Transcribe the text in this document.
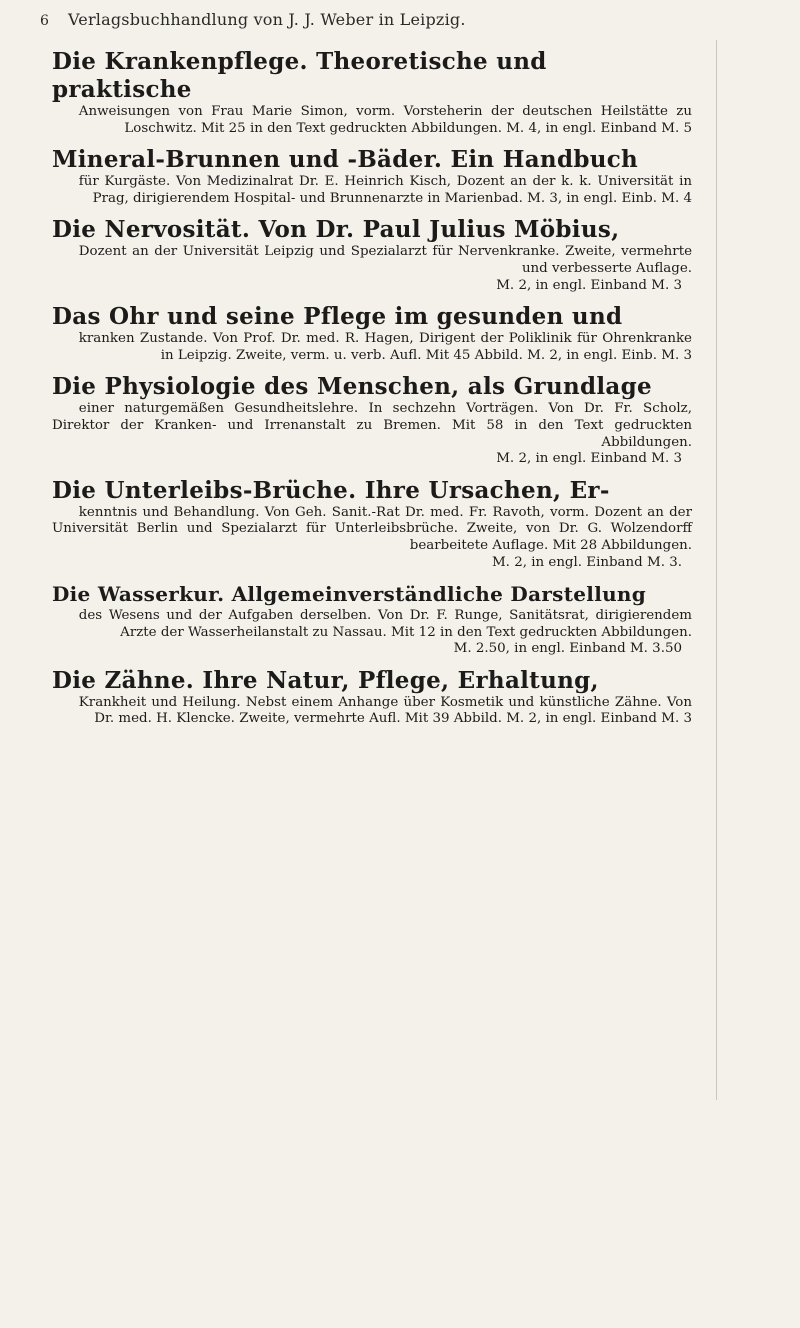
6	Verlagsbuchhandlung von J. J. Weber in Leipzig.
Die Krankenpflege. Theoretische und praktische
Anweisungen von Frau Marie Simon, vorm. Vorsteherin der deutschen Heilstätte zu Loschwitz. Mit 25 in den Text gedruckten Abbildungen. M. 4, in engl. Einband M. 5
Mineral-Brunnen und -Bäder. Ein Handbuch
für Kurgäste. Von Medizinalrat Dr. E. Heinrich Kisch, Dozent an der k. k. Universität in Prag, dirigierendem Hospital- und Brunnenarzte in Marienbad. M. 3, in engl. Einb. M. 4
Die Nervosität. Von Dr. Paul Julius Möbius,
Dozent an der Universität Leipzig und Spezialarzt für Nervenkranke. Zweite, vermehrte und verbesserte Auflage.
M. 2, in engl. Einband M. 3
Das Ohr und seine Pflege im gesunden und
kranken Zustande. Von Prof. Dr. med. R. Hagen, Dirigent der Poliklinik für Ohrenkranke in Leipzig. Zweite, verm. u. verb. Aufl. Mit 45 Abbild. M. 2, in engl. Einb. M. 3
Die Physiologie des Menschen, als Grundlage
einer naturgemäßen Gesundheitslehre. In sechzehn Vorträgen. Von Dr. Fr. Scholz, Direktor der Kranken- und Irrenanstalt zu Bremen. Mit 58 in den Text gedruckten Abbildungen.
M. 2, in engl. Einband M. 3
Die Unterleibs-Brüche. Ihre Ursachen, Er-
kenntnis und Behandlung. Von Geh. Sanit.-Rat Dr. med. Fr. Ravoth, vorm. Dozent an der Universität Berlin und Spezialarzt für Unterleibsbrüche. Zweite, von Dr. G. Wolzendorff bearbeitete Auflage. Mit 28 Abbildungen.
M. 2, in engl. Einband M. 3.
Die Wasserkur. Allgemeinverständliche Darstellung
des Wesens und der Aufgaben derselben. Von Dr. F. Runge, Sanitätsrat, dirigierendem Arzte der Wasserheilanstalt zu Nassau. Mit 12 in den Text gedruckten Abbildungen.
M. 2.50, in engl. Einband M. 3.50
Die Zähne. Ihre Natur, Pflege, Erhaltung,
Krankheit und Heilung. Nebst einem Anhange über Kosmetik und künstliche Zähne. Von Dr. med. H. Klencke. Zweite, vermehrte Aufl. Mit 39 Abbild. M. 2, in engl. Einband M. 3
